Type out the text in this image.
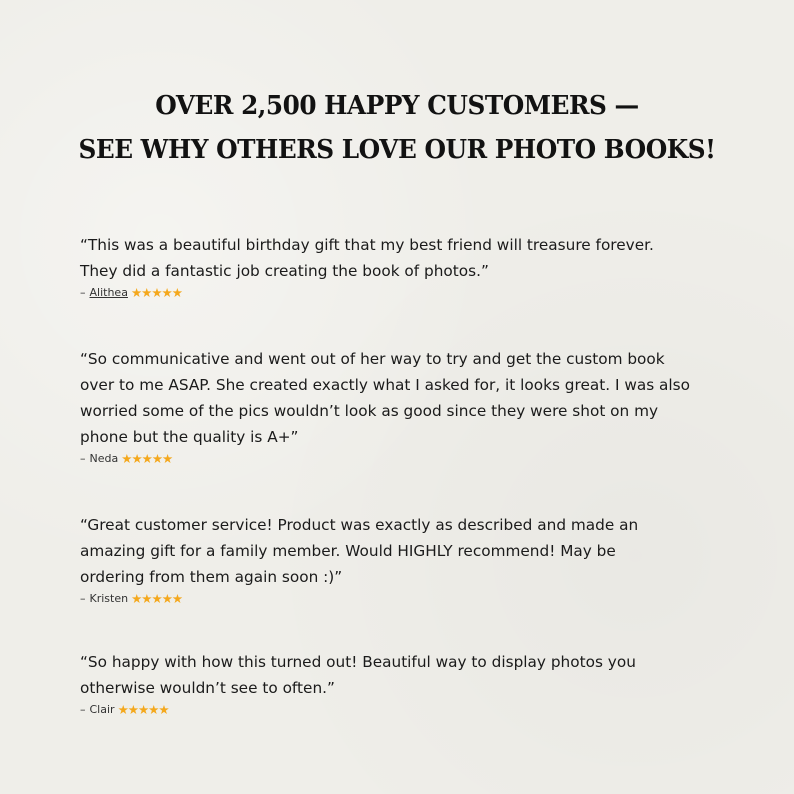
OVER 2,500 HAPPY CUSTOMERS —
SEE WHY OTHERS LOVE OUR PHOTO BOOKS!
“This was a beautiful birthday gift that my best friend will treasure forever.
They did a fantastic job creating the book of photos.”
– Alithea ★★★★★
“So communicative and went out of her way to try and get the custom book
over to me ASAP. She created exactly what I asked for, it looks great. I was also
worried some of the pics wouldn’t look as good since they were shot on my
phone but the quality is A+”
– Neda ★★★★★
“Great customer service! Product was exactly as described and made an
amazing gift for a family member. Would HIGHLY recommend! May be
ordering from them again soon :)”
– Kristen ★★★★★
“So happy with how this turned out! Beautiful way to display photos you
otherwise wouldn’t see to often.”
– Clair ★★★★★
